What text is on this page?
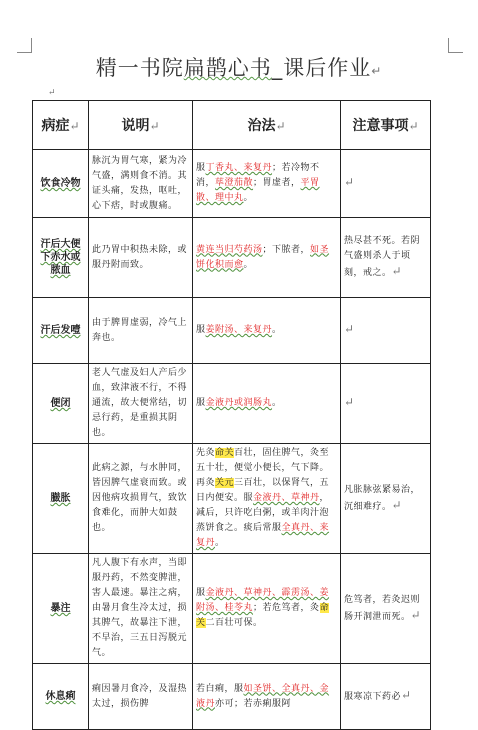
精一书院扁鹊心书_课后作业↵
↵
病症↵	说明↵	治法↵	注意事项↵
饮食冷物	脉沉为胃气寒，紧为冷气盛，满则食不消。其证头痛，发热，呕吐，心下痞，时或腹痛。	服丁香丸、来复丹；若冷物不消，荜澄茄散；胃虚者，平胃散、理中丸。	↵
汗后大便下赤水或脓血	此乃胃中积热未除，或服丹附而致。	黄连当归芍药汤；下脓者，如圣饼化积而愈。	热尽甚不死。若阴气盛则杀人于顷刻，戒之。↵
汗后发噎	由于脾胃虚弱，冷气上奔也。	服姜附汤、来复丹。	↵
便闭	老人气虚及妇人产后少血，致津液不行，不得通流，故大便常结，切忌行药，是重损其阴也。	服金液丹或润肠丸。	↵
臌胀	此病之源，与水肿同，皆因脾气虚衰而致。或因他病攻损胃气，致饮食难化，而肿大如鼓也。	先灸命关百壮，固住脾气，灸至五十壮，便觉小便长，气下降。再灸关元三百壮，以保肾气，五日内便安。服金液丹、草神丹，减后，只许吃白粥，或羊肉汁泡蒸饼食之。痰后常服全真丹、来复丹。	凡胀脉弦紧易治，沉细难疗。↵
暴注	凡人腹下有水声，当即服丹药，不然变脾泄，害人最速。暴注之病，由暑月食生冷太过，损其脾气，故暴注下泄，不早治，三五日泻脱元气。	服金液丹、草神丹、霹雳汤、姜附汤、桂苓丸；若危笃者，灸命关二百壮可保。	危笃者，若灸迟则肠开洞泄而死。↵
休息痢	痢因暑月食冷，及湿热太过，损伤脾	若白痢，服如圣饼、全真丹、金液丹亦可；若赤痢服阿	服寒凉下药必↵
